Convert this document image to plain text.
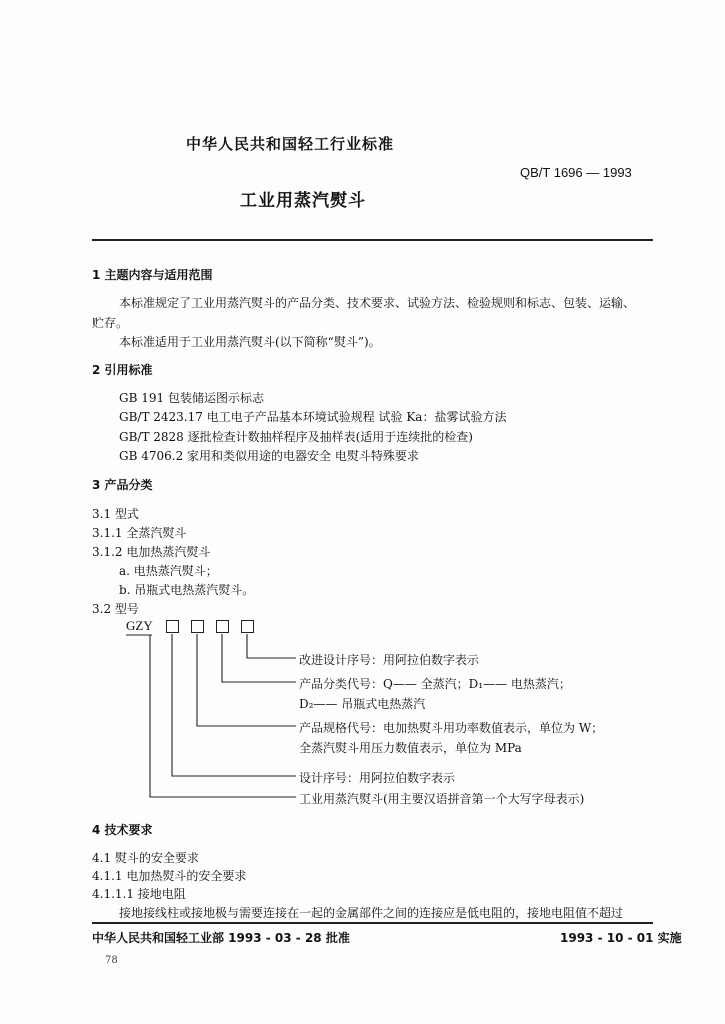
中华人民共和国轻工行业标准
QB/T 1696 — 1993
工业用蒸汽熨斗
1 主题内容与适用范围
本标准规定了工业用蒸汽熨斗的产品分类、技术要求、试验方法、检验规则和标志、包装、运输、
贮存。
本标准适用于工业用蒸汽熨斗(以下简称“熨斗”)。
2 引用标准
GB 191 包装储运图示标志
GB/T 2423.17 电工电子产品基本环境试验规程 试验 Ka：盐雾试验方法
GB/T 2828 逐批检查计数抽样程序及抽样表(适用于连续批的检查)
GB 4706.2 家用和类似用途的电器安全 电熨斗特殊要求
3 产品分类
3.1 型式
3.1.1 全蒸汽熨斗
3.1.2 电加热蒸汽熨斗
a. 电热蒸汽熨斗；
b. 吊瓶式电热蒸汽熨斗。
3.2 型号
GZY
改进设计序号：用阿拉伯数字表示
产品分类代号：Q—— 全蒸汽；D₁—— 电热蒸汽；
D₂—— 吊瓶式电热蒸汽
产品规格代号：电加热熨斗用功率数值表示，单位为 W；
全蒸汽熨斗用压力数值表示，单位为 MPa
设计序号：用阿拉伯数字表示
工业用蒸汽熨斗(用主要汉语拼音第一个大写字母表示)
4 技术要求
4.1 熨斗的安全要求
4.1.1 电加热熨斗的安全要求
4.1.1.1 接地电阻
接地接线柱或接地极与需要连接在一起的金属部件之间的连接应是低电阻的，接地电阻值不超过
中华人民共和国轻工业部 1993 - 03 - 28 批准	1993 - 10 - 01 实施
78
